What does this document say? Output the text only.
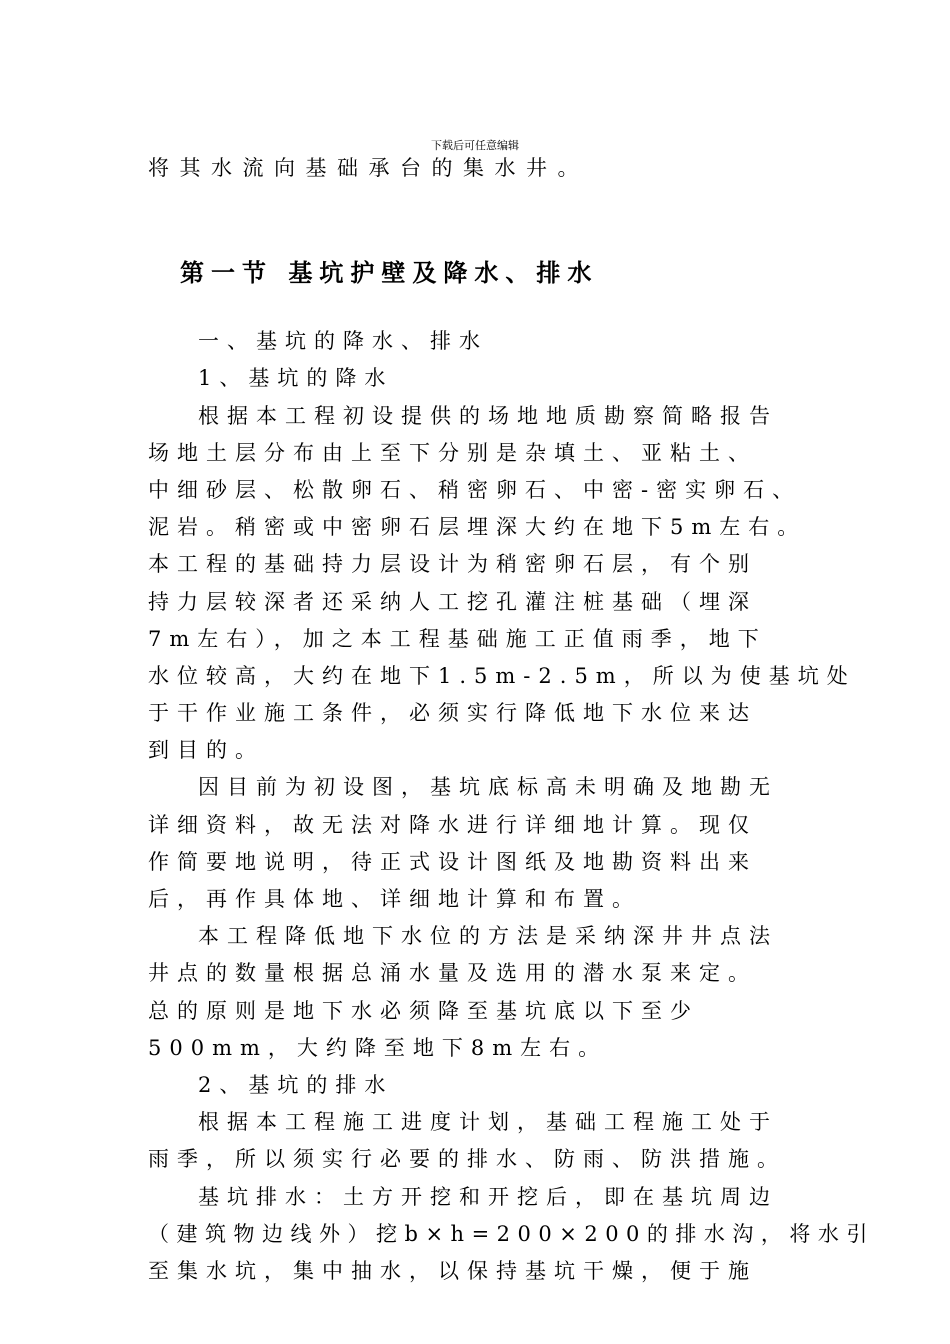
下载后可任意编辑
将其水流向基础承台的集水井。
第一节 基坑护壁及降水、排水
一、基坑的降水、排水
1、基坑的降水
根据本工程初设提供的场地地质勘察简略报告
场地土层分布由上至下分别是杂填土、亚粘土、
中细砂层、松散卵石、稍密卵石、中密-密实卵石、
泥岩。稍密或中密卵石层埋深大约在地下5m左右。
本工程的基础持力层设计为稍密卵石层，有个别
持力层较深者还采纳人工挖孔灌注桩基础（埋深
7m左右），加之本工程基础施工正值雨季，地下
水位较高，大约在地下1.5m-2.5m，所以为使基坑处
于干作业施工条件，必须实行降低地下水位来达
到目的。
因目前为初设图，基坑底标高未明确及地勘无
详细资料，故无法对降水进行详细地计算。现仅
作简要地说明，待正式设计图纸及地勘资料出来
后，再作具体地、详细地计算和布置。
本工程降低地下水位的方法是采纳深井井点法
井点的数量根据总涌水量及选用的潜水泵来定。
总的原则是地下水必须降至基坑底以下至少
500mm，大约降至地下8m左右。
2、基坑的排水
根据本工程施工进度计划，基础工程施工处于
雨季，所以须实行必要的排水、防雨、防洪措施。
基坑排水：土方开挖和开挖后，即在基坑周边
（建筑物边线外）挖b×h=200×200的排水沟，将水引
至集水坑，集中抽水，以保持基坑干燥，便于施
